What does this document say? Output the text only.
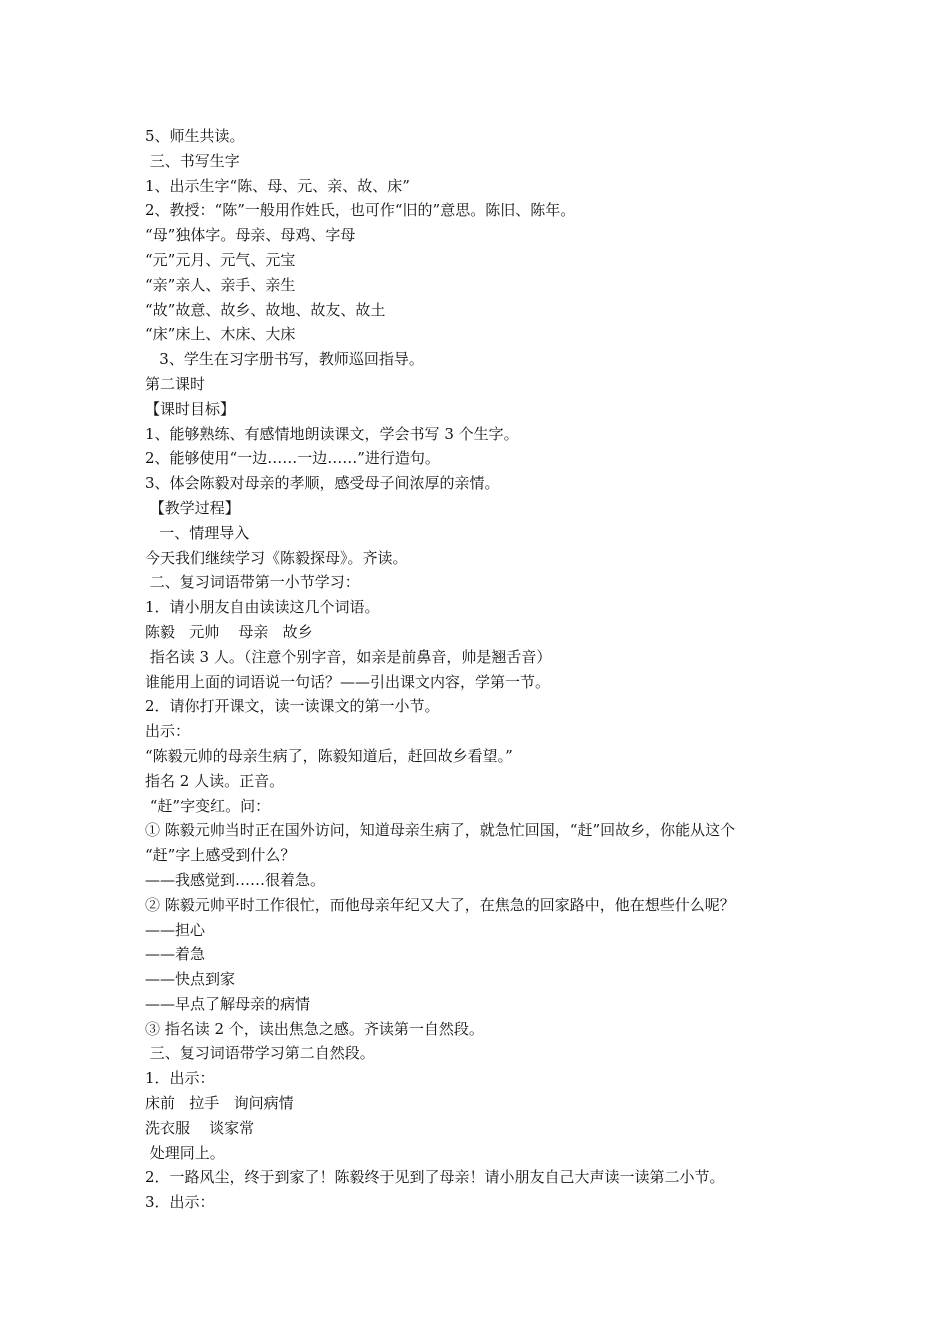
5、师生共读。
三、书写生字
1、出示生字“陈、母、元、亲、故、床”
2、教授：“陈”一般用作姓氏，也可作“旧的”意思。陈旧、陈年。
“母”独体字。母亲、母鸡、字母
“元”元月、元气、元宝
“亲”亲人、亲手、亲生
“故”故意、故乡、故地、故友、故土
“床”床上、木床、大床
3、学生在习字册书写，教师巡回指导。
第二课时
【课时目标】
1、能够熟练、有感情地朗读课文，学会书写 3 个生字。
2、能够使用“一边……一边……”进行造句。
3、体会陈毅对母亲的孝顺，感受母子间浓厚的亲情。
【教学过程】
一、情理导入
今天我们继续学习《陈毅探母》。齐读。
二、复习词语带第一小节学习：
1．请小朋友自由读读这几个词语。
陈毅   元帅    母亲   故乡
指名读 3 人。（注意个别字音，如亲是前鼻音，帅是翘舌音）
谁能用上面的词语说一句话？——引出课文内容，学第一节。
2．请你打开课文，读一读课文的第一小节。
出示：
“陈毅元帅的母亲生病了，陈毅知道后，赶回故乡看望。”
指名 2 人读。正音。
“赶”字变红。问：
① 陈毅元帅当时正在国外访问，知道母亲生病了，就急忙回国，“赶”回故乡，你能从这个
“赶”字上感受到什么？
——我感觉到……很着急。
② 陈毅元帅平时工作很忙，而他母亲年纪又大了，在焦急的回家路中，他在想些什么呢？
——担心
——着急
——快点到家
——早点了解母亲的病情
③ 指名读 2 个，读出焦急之感。齐读第一自然段。
三、复习词语带学习第二自然段。
1．出示：
床前   拉手   询问病情
洗衣服    谈家常
处理同上。
2．一路风尘，终于到家了！陈毅终于见到了母亲！请小朋友自己大声读一读第二小节。
3．出示：
